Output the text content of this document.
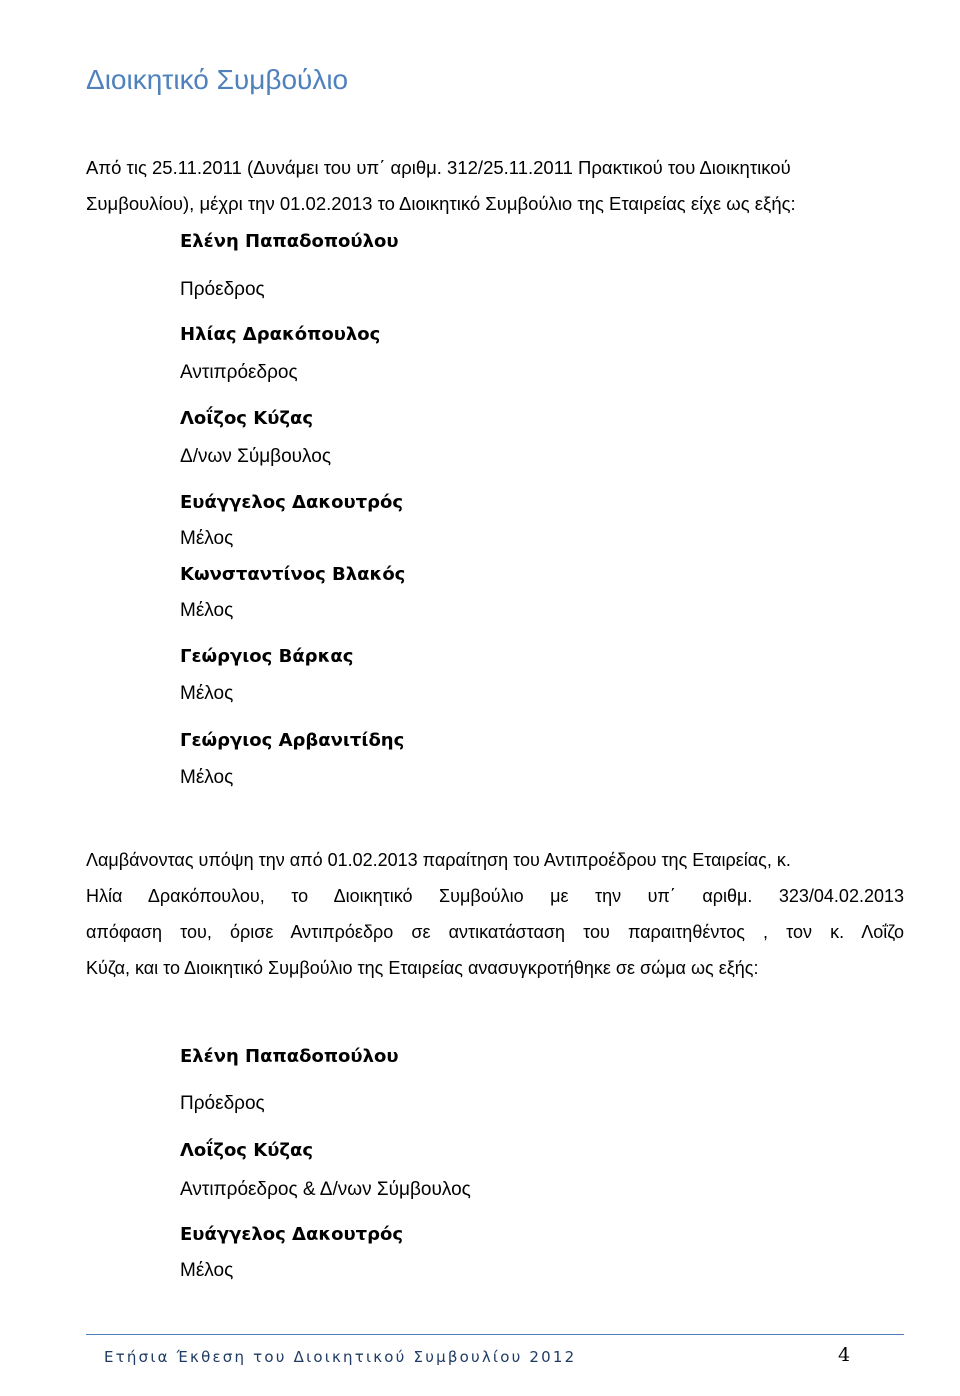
Διοικητικό Συμβούλιο

Από τις 25.11.2011 (Δυνάμει του υπ΄ αριθμ. 312/25.11.2011 Πρακτικού του Διοικητικού

Συμβουλίου), μέχρι την 01.02.2013 το Διοικητικό Συμβούλιο της Εταιρείας είχε ως εξής:

Ελένη Παπαδοπούλου
Πρόεδρος
Ηλίας Δρακόπουλος
Αντιπρόεδρος
Λοΐζος Κύζας
Δ/νων Σύμβουλος
Ευάγγελος Δακουτρός
Μέλος
Κωνσταντίνος Βλακός
Μέλος
Γεώργιος Βάρκας
Μέλος
Γεώργιος Αρβανιτίδης
Μέλος
Λαμβάνοντας υπόψη την από 01.02.2013 παραίτηση του Αντιπροέδρου της Εταιρείας, κ.
Ηλία Δρακόπουλου, το Διοικητικό Συμβούλιο με την υπ΄ αριθμ. 323/04.02.2013
απόφαση του, όρισε Αντιπρόεδρο σε αντικατάσταση του παραιτηθέντος , τον κ. Λοΐζο
Κύζα, και το Διοικητικό Συμβούλιο της Εταιρείας ανασυγκροτήθηκε σε σώμα ως εξής:
Ελένη Παπαδοπούλου
Πρόεδρος
Λοΐζος Κύζας
Αντιπρόεδρος & Δ/νων Σύμβουλος
Ευάγγελος Δακουτρός
Μέλος
Ετήσια Έκθεση του Διοικητικού Συμβουλίου 2012	4
